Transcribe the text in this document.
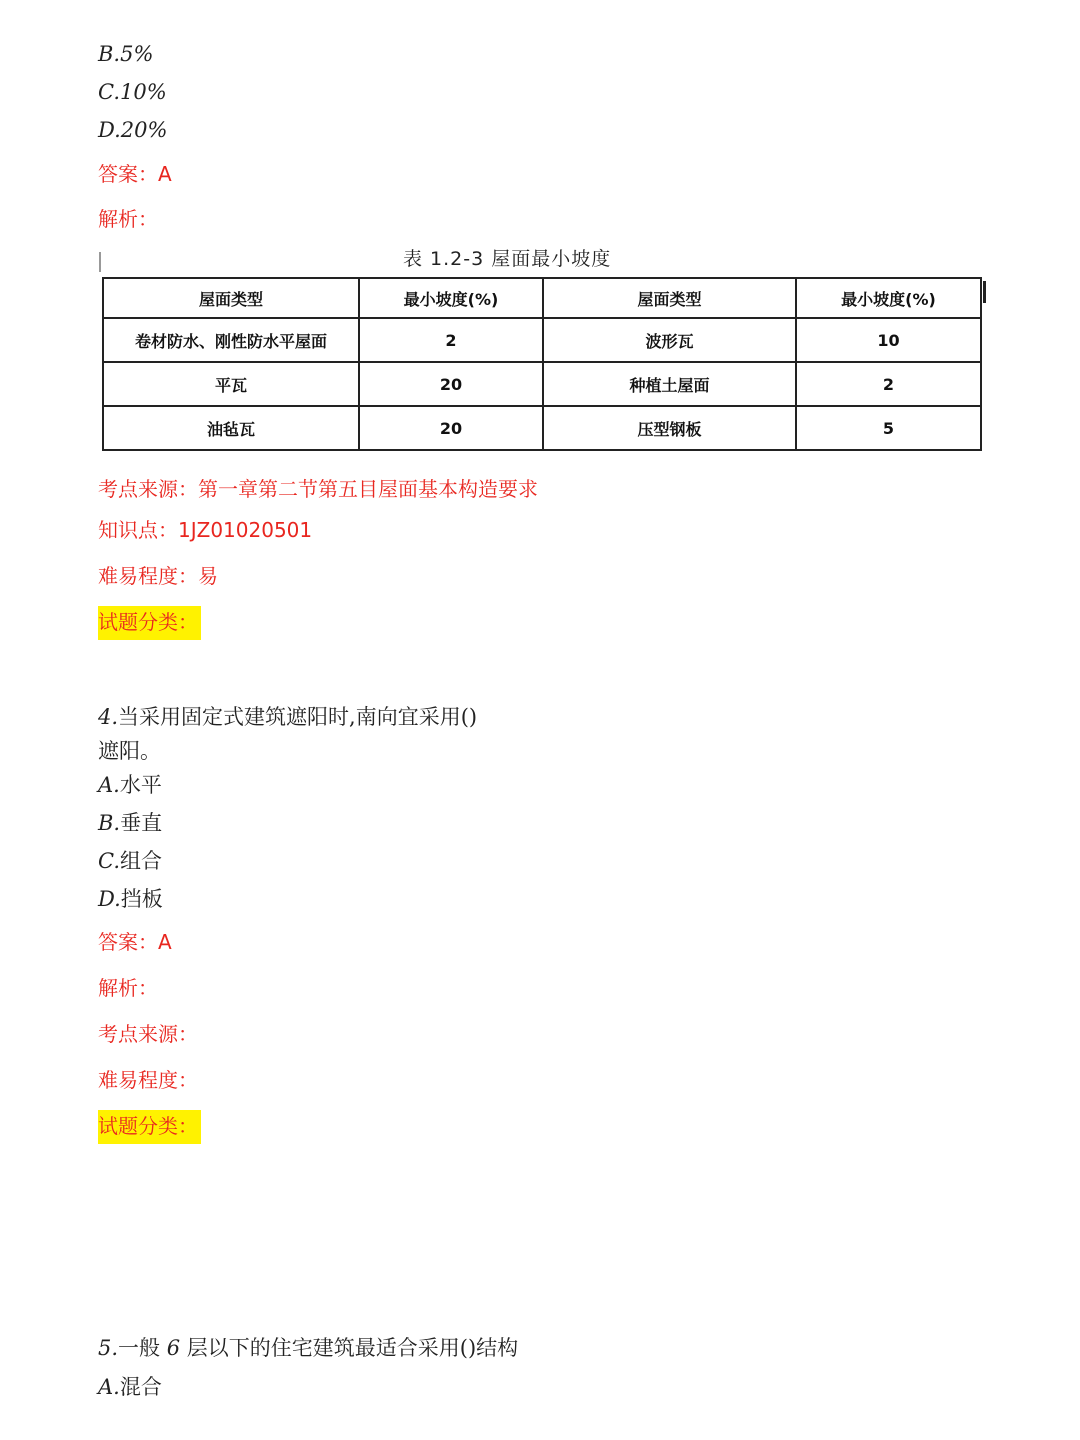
B.5%
C.10%
D.20%
答案：A
解析：
表 1.2-3 屋面最小坡度
屋面类型	最小坡度(%)	屋面类型	最小坡度(%)
卷材防水、刚性防水平屋面	2	波形瓦	10
平瓦	20	种植土屋面	2
油毡瓦	20	压型钢板	5
考点来源：第一章第二节第五目屋面基本构造要求
知识点：1JZ01020501
难易程度：易
试题分类：
4.当采用固定式建筑遮阳时,南向宜采用()
遮阳。
A.水平
B.垂直
C.组合
D.挡板
答案：A
解析：
考点来源：
难易程度：
试题分类：
5.一般 6 层以下的住宅建筑最适合采用()结构
A.混合
